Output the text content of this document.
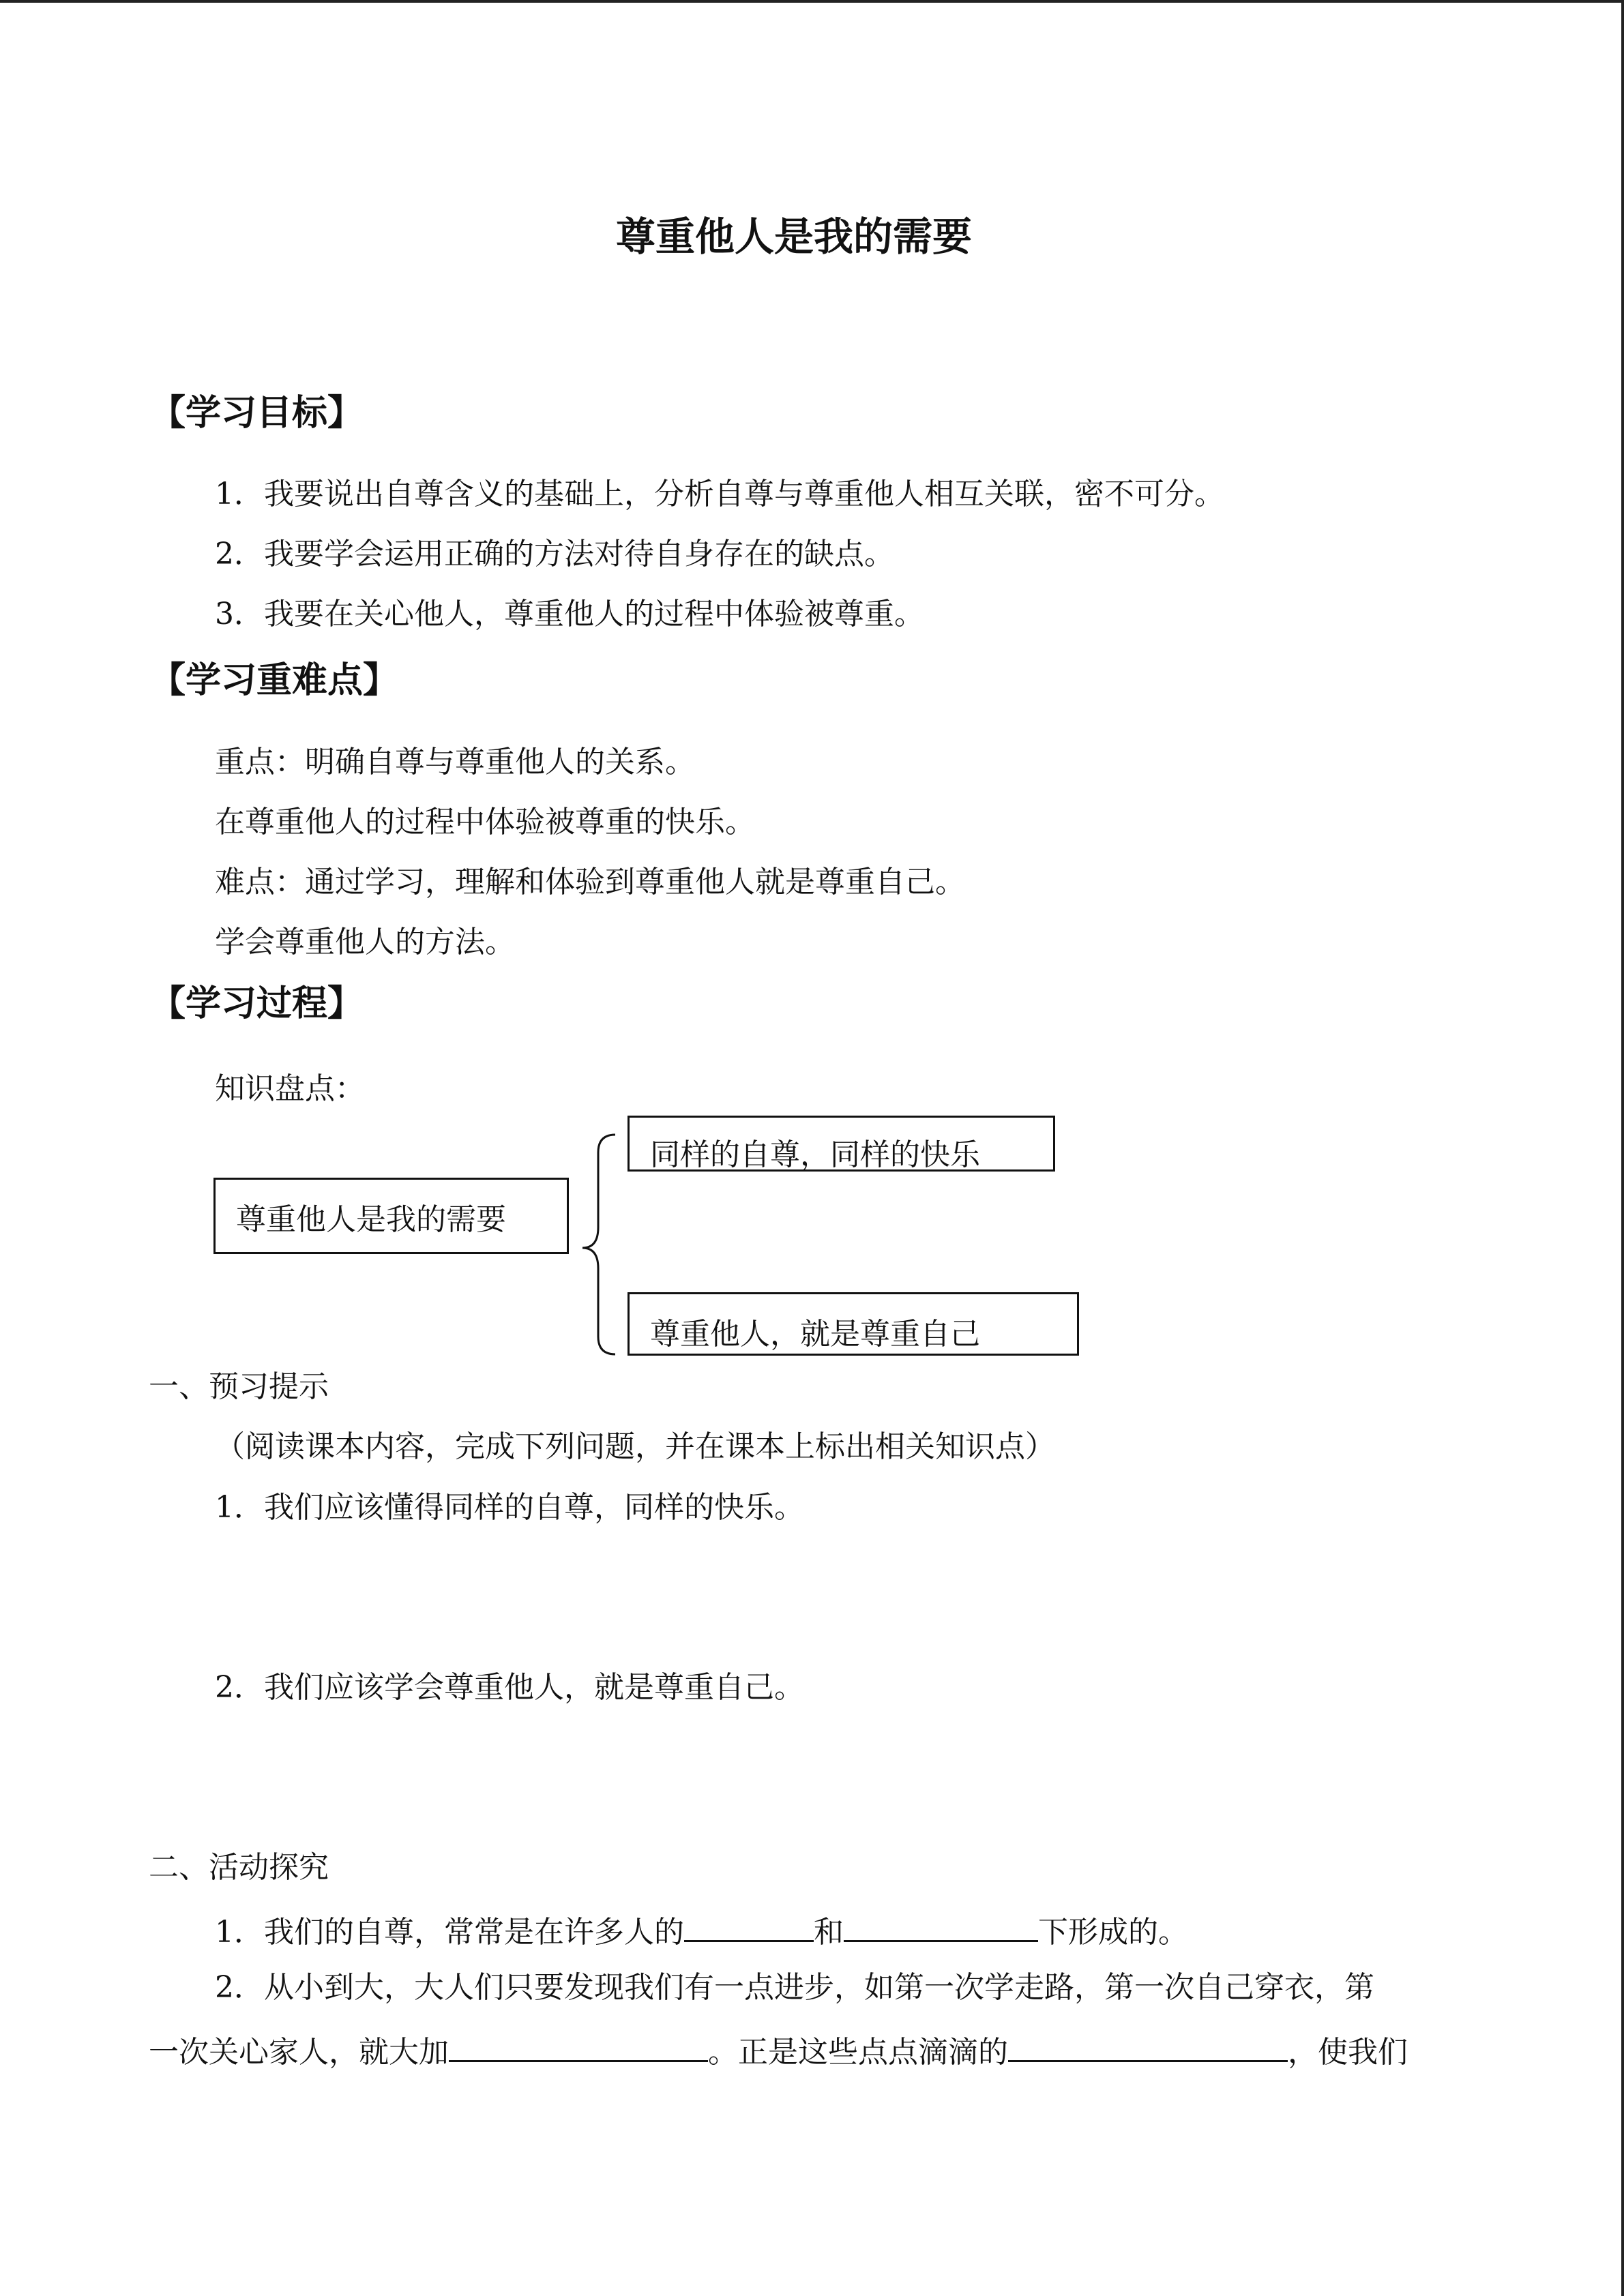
尊重他人是我的需要
【学习目标】
1．我要说出自尊含义的基础上，分析自尊与尊重他人相互关联，密不可分。
2．我要学会运用正确的方法对待自身存在的缺点。
3．我要在关心他人，尊重他人的过程中体验被尊重。
【学习重难点】
重点：明确自尊与尊重他人的关系。
在尊重他人的过程中体验被尊重的快乐。
难点：通过学习，理解和体验到尊重他人就是尊重自己。
学会尊重他人的方法。
【学习过程】
知识盘点：
尊重他人是我的需要
同样的自尊，同样的快乐
尊重他人，就是尊重自己
一、预习提示
（阅读课本内容，完成下列问题，并在课本上标出相关知识点）
1．我们应该懂得同样的自尊，同样的快乐。
2．我们应该学会尊重他人，就是尊重自己。
二、活动探究
1．我们的自尊，常常是在许多人的	和	下形成的。
2．从小到大，大人们只要发现我们有一点进步，如第一次学走路，第一次自己穿衣，第
一次关心家人，就大加	。正是这些点点滴滴的	，使我们
